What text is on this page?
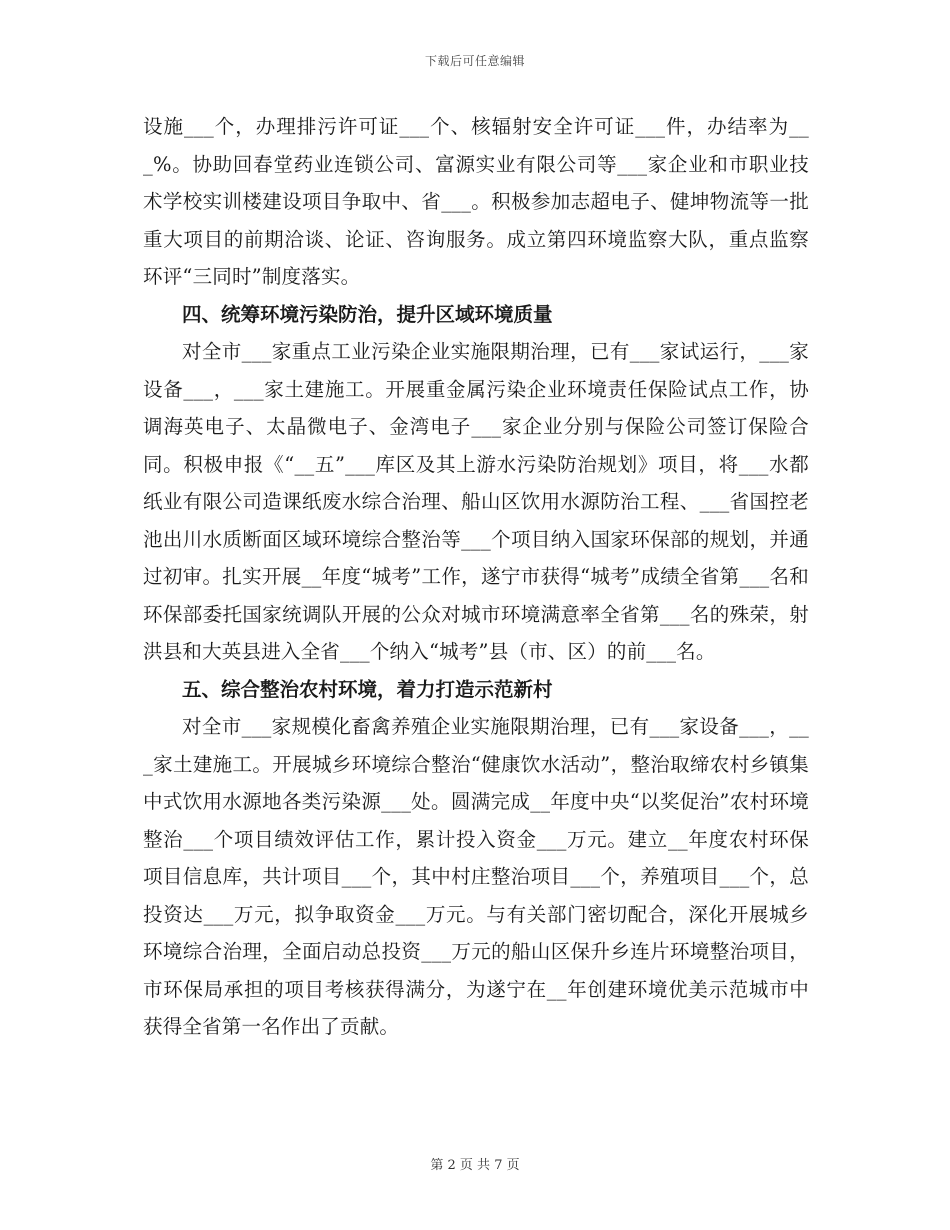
下载后可任意编辑

设施___个，办理排污许可证___个、核辐射安全许可证___件，办结率为___%。协助回春堂药业连锁公司、富源实业有限公司等___家企业和市职业技术学校实训楼建设项目争取中、省___。积极参加志超电子、健坤物流等一批重大项目的前期洽谈、论证、咨询服务。成立第四环境监察大队，重点监察环评“三同时”制度落实。

四、统筹环境污染防治，提升区域环境质量

对全市___家重点工业污染企业实施限期治理，已有___家试运行，___家设备___，___家土建施工。开展重金属污染企业环境责任保险试点工作，协调海英电子、太晶微电子、金湾电子___家企业分别与保险公司签订保险合同。积极申报《“__五”___库区及其上游水污染防治规划》项目，将___水都纸业有限公司造课纸废水综合治理、船山区饮用水源防治工程、___省国控老池出川水质断面区域环境综合整治等___个项目纳入国家环保部的规划，并通过初审。扎实开展__年度“城考”工作，遂宁市获得“城考”成绩全省第___名和环保部委托国家统调队开展的公众对城市环境满意率全省第___名的殊荣，射洪县和大英县进入全省___个纳入“城考”县（市、区）的前___名。

五、综合整治农村环境，着力打造示范新村

对全市___家规模化畜禽养殖企业实施限期治理，已有___家设备___，___家土建施工。开展城乡环境综合整治“健康饮水活动”，整治取缔农村乡镇集中式饮用水源地各类污染源___处。圆满完成__年度中央“以奖促治”农村环境整治___个项目绩效评估工作，累计投入资金___万元。建立__年度农村环保项目信息库，共计项目___个，其中村庄整治项目___个，养殖项目___个，总投资达___万元，拟争取资金___万元。与有关部门密切配合，深化开展城乡环境综合治理，全面启动总投资___万元的船山区保升乡连片环境整治项目，市环保局承担的项目考核获得满分，为遂宁在__年创建环境优美示范城市中获得全省第一名作出了贡献。

第 2 页 共 7 页
